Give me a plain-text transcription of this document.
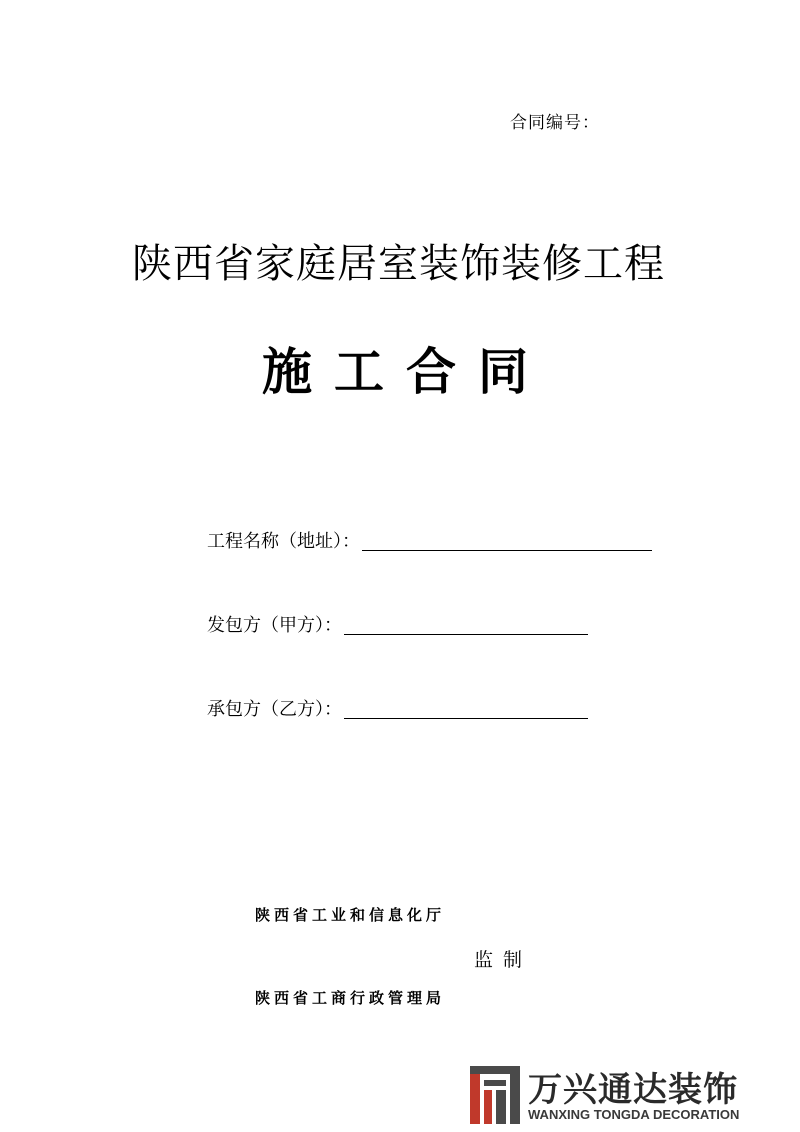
合同编号：
陕西省家庭居室装饰装修工程
施工合同
工程名称（地址）：
发包方（甲方）：
承包方（乙方）：
陕西省工业和信息化厅
监制
陕西省工商行政管理局
万兴通达装饰
WANXING TONGDA DECORATION
